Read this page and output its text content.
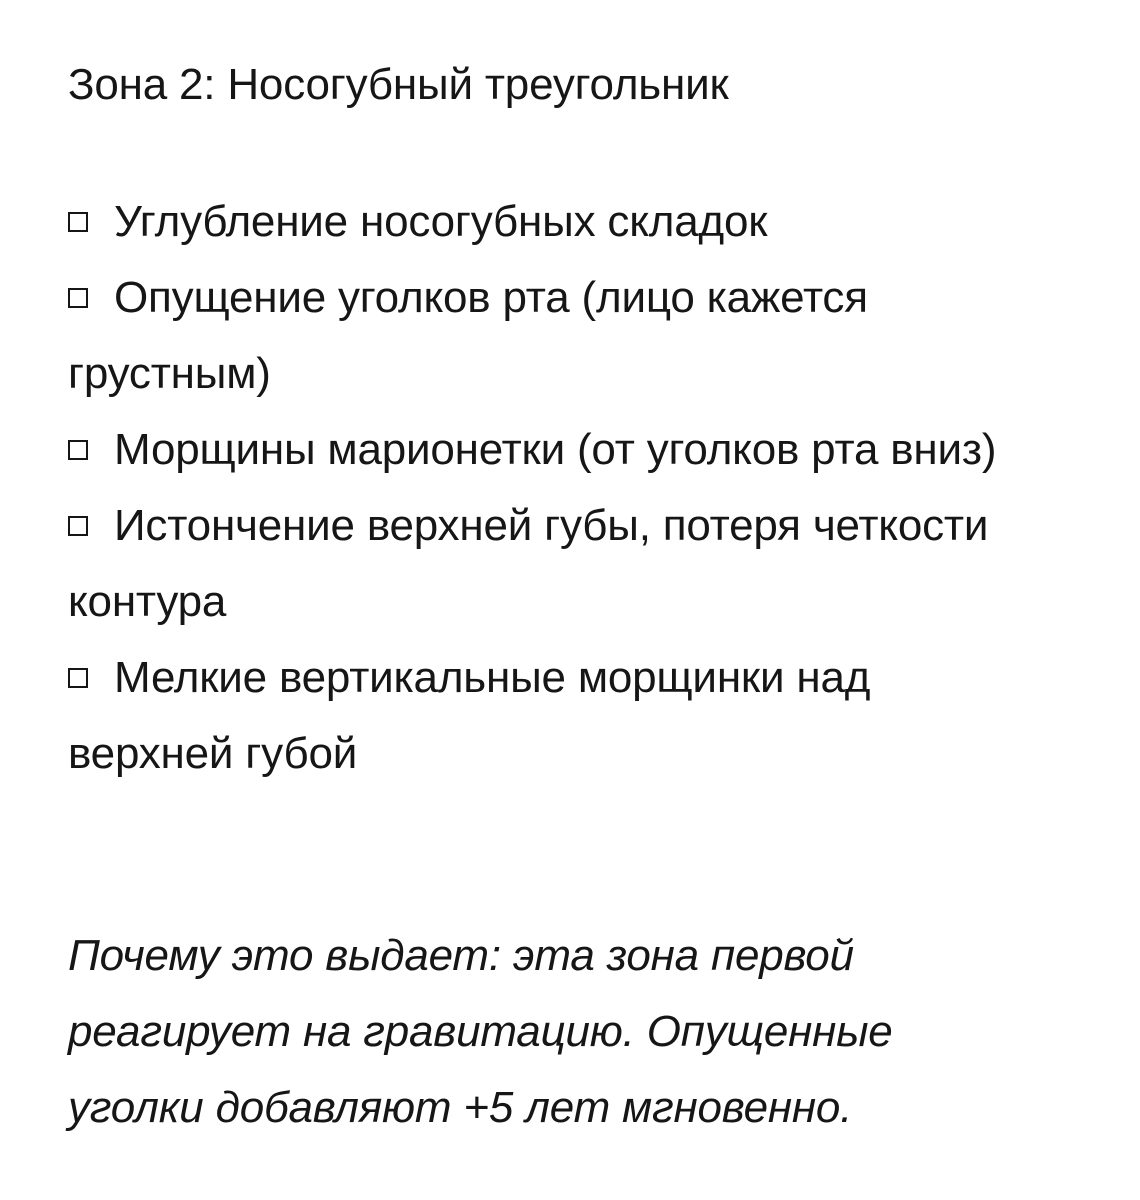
Зона 2: Носогубный треугольник
Углубление носогубных складок
Опущение уголков рта (лицо кажется грустным)
Морщины марионетки (от уголков рта вниз)
Истончение верхней губы, потеря четкости контура
Мелкие вертикальные морщинки над верхней губой

Почему это выдает: эта зона первой реагирует на гравитацию. Опущенные уголки добавляют +5 лет мгновенно.
